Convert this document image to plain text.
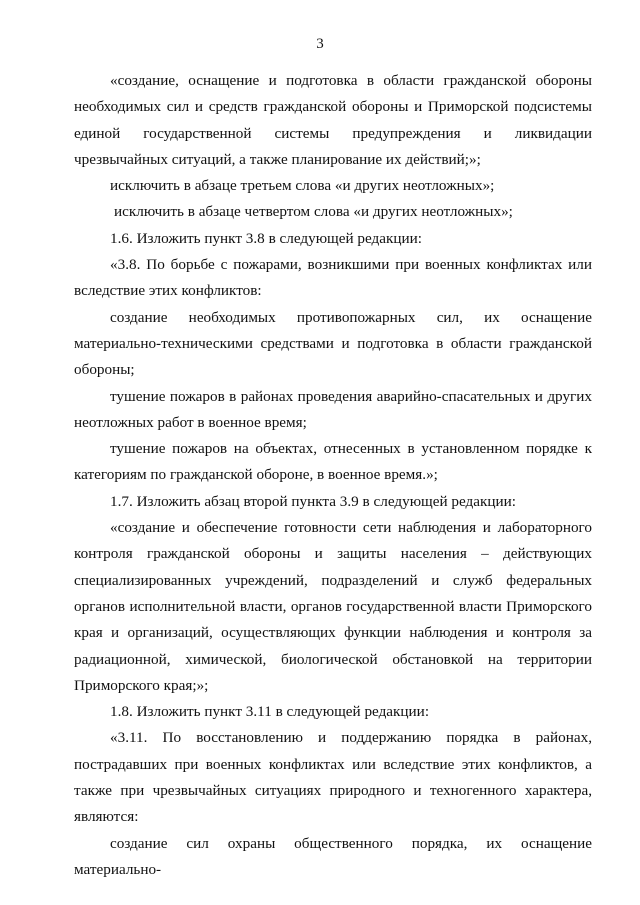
3

«создание, оснащение и подготовка в области гражданской обороны необходимых сил и средств гражданской обороны и Приморской подсистемы единой государственной системы предупреждения и ликвидации чрезвычайных ситуаций, а также планирование их действий;»;

исключить в абзаце третьем слова «и других неотложных»;

исключить в абзаце четвертом слова «и других неотложных»;

1.6. Изложить пункт 3.8 в следующей редакции:

«3.8. По борьбе с пожарами, возникшими при военных конфликтах или вследствие этих конфликтов:

создание необходимых противопожарных сил, их оснащение материально-техническими средствами и подготовка в области гражданской обороны;

тушение пожаров в районах проведения аварийно-спасательных и других неотложных работ в военное время;

тушение пожаров на объектах, отнесенных в установленном порядке к категориям по гражданской обороне, в военное время.»;

1.7. Изложить абзац второй пункта 3.9 в следующей редакции:

«создание и обеспечение готовности сети наблюдения и лабораторного контроля гражданской обороны и защиты населения – действующих специализированных учреждений, подразделений и служб федеральных органов исполнительной власти, органов государственной власти Приморского края и организаций, осуществляющих функции наблюдения и контроля за радиационной, химической, биологической обстановкой на территории Приморского края;»;

1.8. Изложить пункт 3.11 в следующей редакции:

«3.11. По восстановлению и поддержанию порядка в районах, пострадавших при военных конфликтах или вследствие этих конфликтов, а также при чрезвычайных ситуациях природного и техногенного характера, являются:

создание сил охраны общественного порядка, их оснащение материально-
